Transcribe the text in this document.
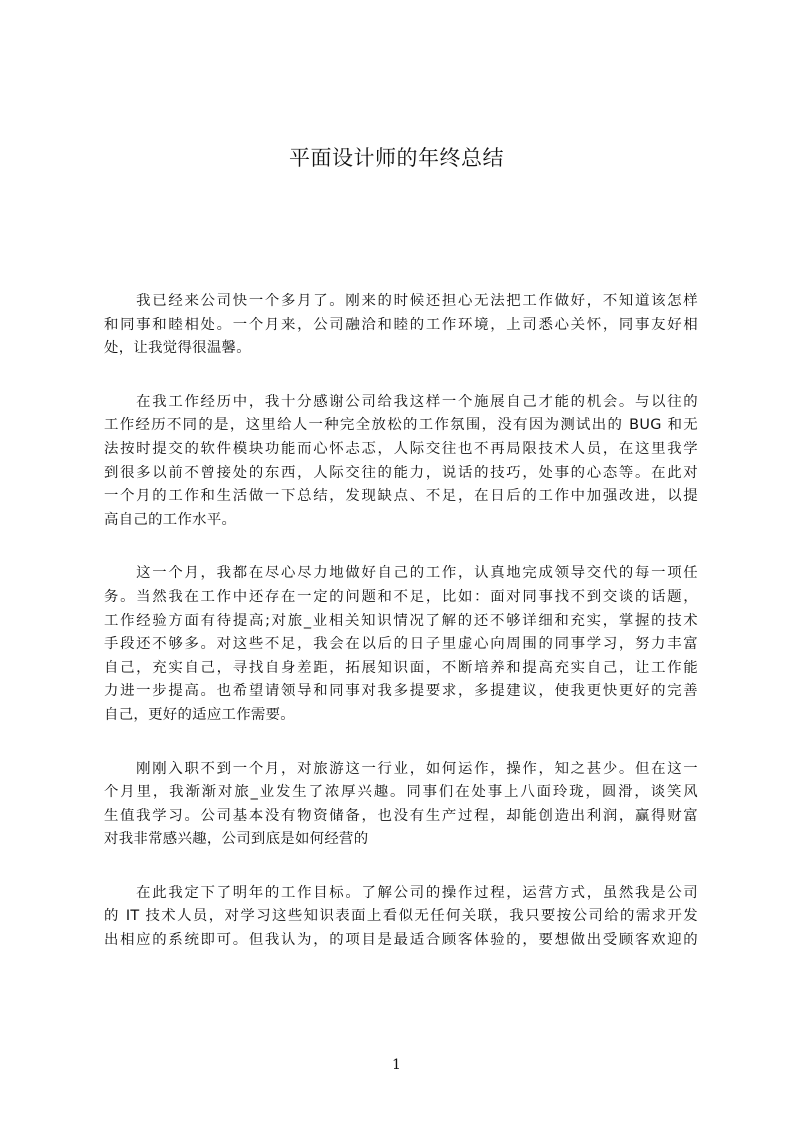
平面设计师的年终总结
　　我已经来公司快一个多月了。刚来的时候还担心无法把工作做好，不知道该怎样
和同事和睦相处。一个月来，公司融洽和睦的工作环境，上司悉心关怀，同事友好相
处，让我觉得很温馨。
　　在我工作经历中，我十分感谢公司给我这样一个施展自己才能的机会。与以往的
工作经历不同的是，这里给人一种完全放松的工作氛围，没有因为测试出的 BUG 和无
法按时提交的软件模块功能而心怀忐忑，人际交往也不再局限技术人员，在这里我学
到很多以前不曾接处的东西，人际交往的能力，说话的技巧，处事的心态等。在此对
一个月的工作和生活做一下总结，发现缺点、不足，在日后的工作中加强改进，以提
高自己的工作水平。
　　这一个月，我都在尽心尽力地做好自己的工作，认真地完成领导交代的每一项任
务。当然我在工作中还存在一定的问题和不足，比如：面对同事找不到交谈的话题，
工作经验方面有待提高;对旅_业相关知识情况了解的还不够详细和充实，掌握的技术
手段还不够多。对这些不足，我会在以后的日子里虚心向周围的同事学习，努力丰富
自己，充实自己，寻找自身差距，拓展知识面，不断培养和提高充实自己，让工作能
力进一步提高。也希望请领导和同事对我多提要求，多提建议，使我更快更好的完善
自己，更好的适应工作需要。
　　刚刚入职不到一个月，对旅游这一行业，如何运作，操作，知之甚少。但在这一
个月里，我渐渐对旅_业发生了浓厚兴趣。同事们在处事上八面玲珑，圆滑，谈笑风
生值我学习。公司基本没有物资储备，也没有生产过程，却能创造出利润，赢得财富
对我非常感兴趣，公司到底是如何经营的
　　在此我定下了明年的工作目标。了解公司的操作过程，运营方式，虽然我是公司
的 IT 技术人员，对学习这些知识表面上看似无任何关联，我只要按公司给的需求开发
出相应的系统即可。但我认为，的项目是最适合顾客体验的，要想做出受顾客欢迎的
1
